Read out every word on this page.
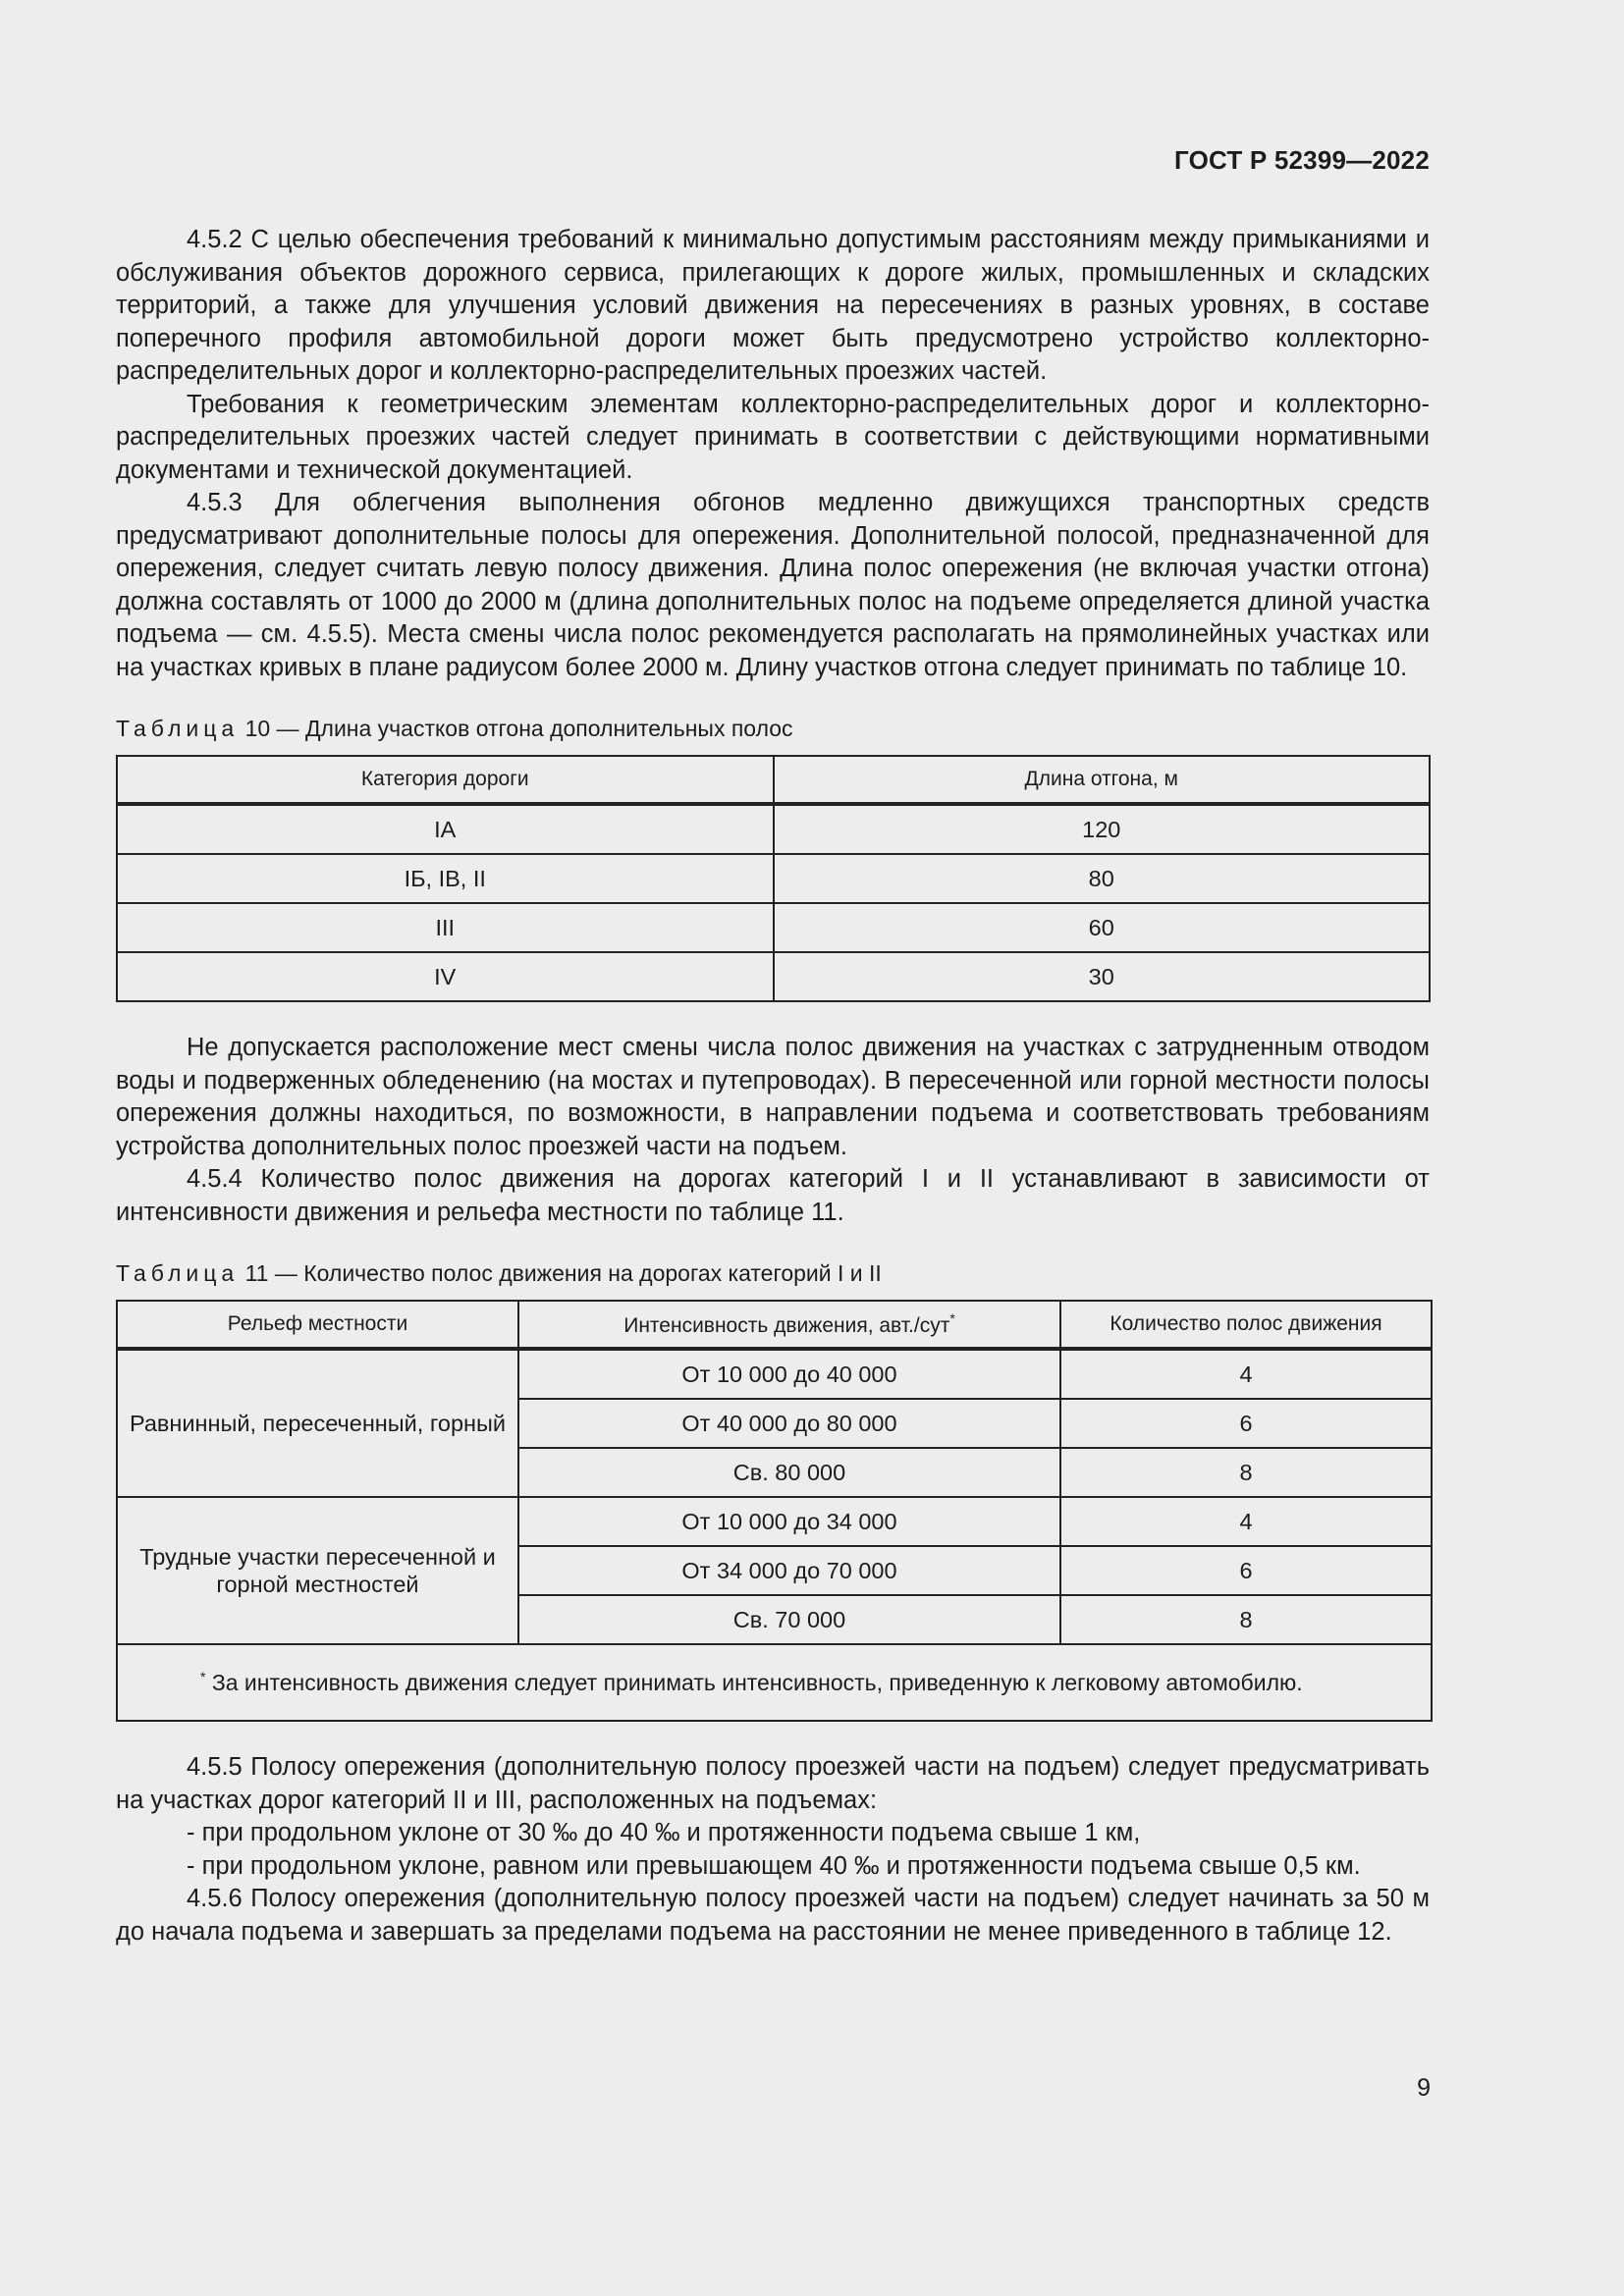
ГОСТ Р 52399—2022

4.5.2 С целью обеспечения требований к минимально допустимым расстояниям между примыканиями и обслуживания объектов дорожного сервиса, прилегающих к дороге жилых, промышленных и складских территорий, а также для улучшения условий движения на пересечениях в разных уровнях, в составе поперечного профиля автомобильной дороги может быть предусмотрено устройство коллекторно-распределительных дорог и коллекторно-распределительных проезжих частей.

Требования к геометрическим элементам коллекторно-распределительных дорог и коллекторно-распределительных проезжих частей следует принимать в соответствии с действующими нормативными документами и технической документацией.

4.5.3 Для облегчения выполнения обгонов медленно движущихся транспортных средств предусматривают дополнительные полосы для опережения. Дополнительной полосой, предназначенной для опережения, следует считать левую полосу движения. Длина полос опережения (не включая участки отгона) должна составлять от 1000 до 2000 м (длина дополнительных полос на подъеме определяется длиной участка подъема — см. 4.5.5). Места смены числа полос рекомендуется располагать на прямолинейных участках или на участках кривых в плане радиусом более 2000 м. Длину участков отгона следует принимать по таблице 10.

Таблица 10 — Длина участков отгона дополнительных полос
Категория дороги	Длина отгона, м
IА	120
IБ, IВ, II	80
III	60
IV	30

Не допускается расположение мест смены числа полос движения на участках с затрудненным отводом воды и подверженных обледенению (на мостах и путепроводах). В пересеченной или горной местности полосы опережения должны находиться, по возможности, в направлении подъема и соответствовать требованиям устройства дополнительных полос проезжей части на подъем.

4.5.4 Количество полос движения на дорогах категорий I и II устанавливают в зависимости от интенсивности движения и рельефа местности по таблице 11.

Таблица 11 — Количество полос движения на дорогах категорий I и II
Рельеф местности	Интенсивность движения, авт./сут*	Количество полос движения
Равнинный, пересеченный, горный	От 10 000 до 40 000	4
	От 40 000 до 80 000	6
	Св. 80 000	8
Трудные участки пересеченной и горной местностей	От 10 000 до 34 000	4
	От 34 000 до 70 000	6
	Св. 70 000	8
* За интенсивность движения следует принимать интенсивность, приведенную к легковому автомобилю.		

4.5.5 Полосу опережения (дополнительную полосу проезжей части на подъем) следует предусматривать на участках дорог категорий II и III, расположенных на подъемах:

- при продольном уклоне от 30 ‰ до 40 ‰ и протяженности подъема свыше 1 км,

- при продольном уклоне, равном или превышающем 40 ‰ и протяженности подъема свыше 0,5 км.

4.5.6 Полосу опережения (дополнительную полосу проезжей части на подъем) следует начинать за 50 м до начала подъема и завершать за пределами подъема на расстоянии не менее приведенного в таблице 12.

9
